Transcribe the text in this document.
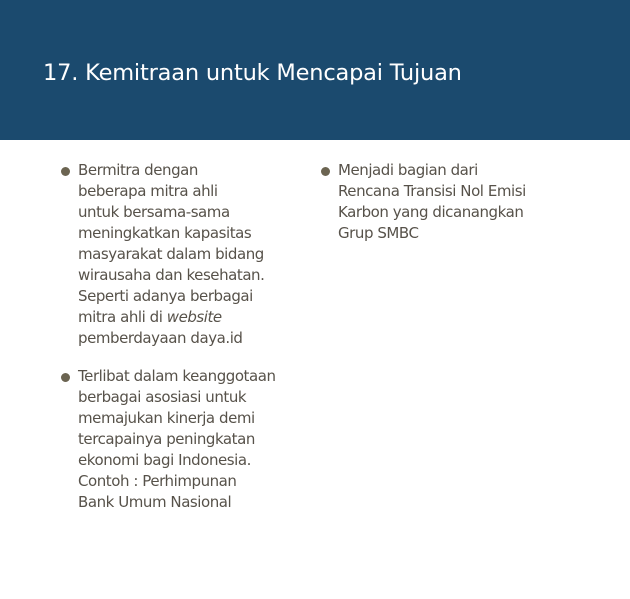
17. Kemitraan untuk Mencapai Tujuan

Bermitra dengan
beberapa mitra ahli
untuk bersama-sama
meningkatkan kapasitas
masyarakat dalam bidang
wirausaha dan kesehatan.
Seperti adanya berbagai
mitra ahli di website
pemberdayaan daya.id

Terlibat dalam keanggotaan
berbagai asosiasi untuk
memajukan kinerja demi
tercapainya peningkatan
ekonomi bagi Indonesia.
Contoh : Perhimpunan
Bank Umum Nasional

Menjadi bagian dari
Rencana Transisi Nol Emisi
Karbon yang dicanangkan
Grup SMBC
